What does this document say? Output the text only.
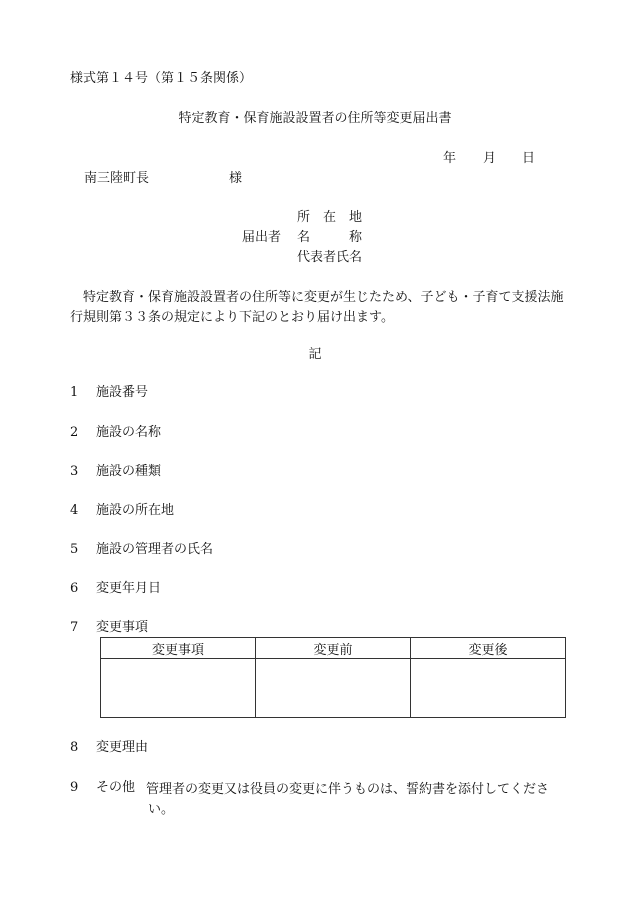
様式第１４号（第１５条関係）
特定教育・保育施設設置者の住所等変更届出書
年 月 日
南三陸町長	様
届出者
所　在　地
名　　　称
代表者氏名
特定教育・保育施設設置者の住所等に変更が生じたため、子ども・子育て支援法施行規則第３３条の規定により下記のとおり届け出ます。
記
1 施設番号
2 施設の名称
3 施設の種類
4 施設の所在地
5 施設の管理者の氏名
6 変更年月日
7 変更事項
変更事項	変更前	変更後

8 変更理由
9 その他 管理者の変更又は役員の変更に伴うものは、誓約書を添付してください。
